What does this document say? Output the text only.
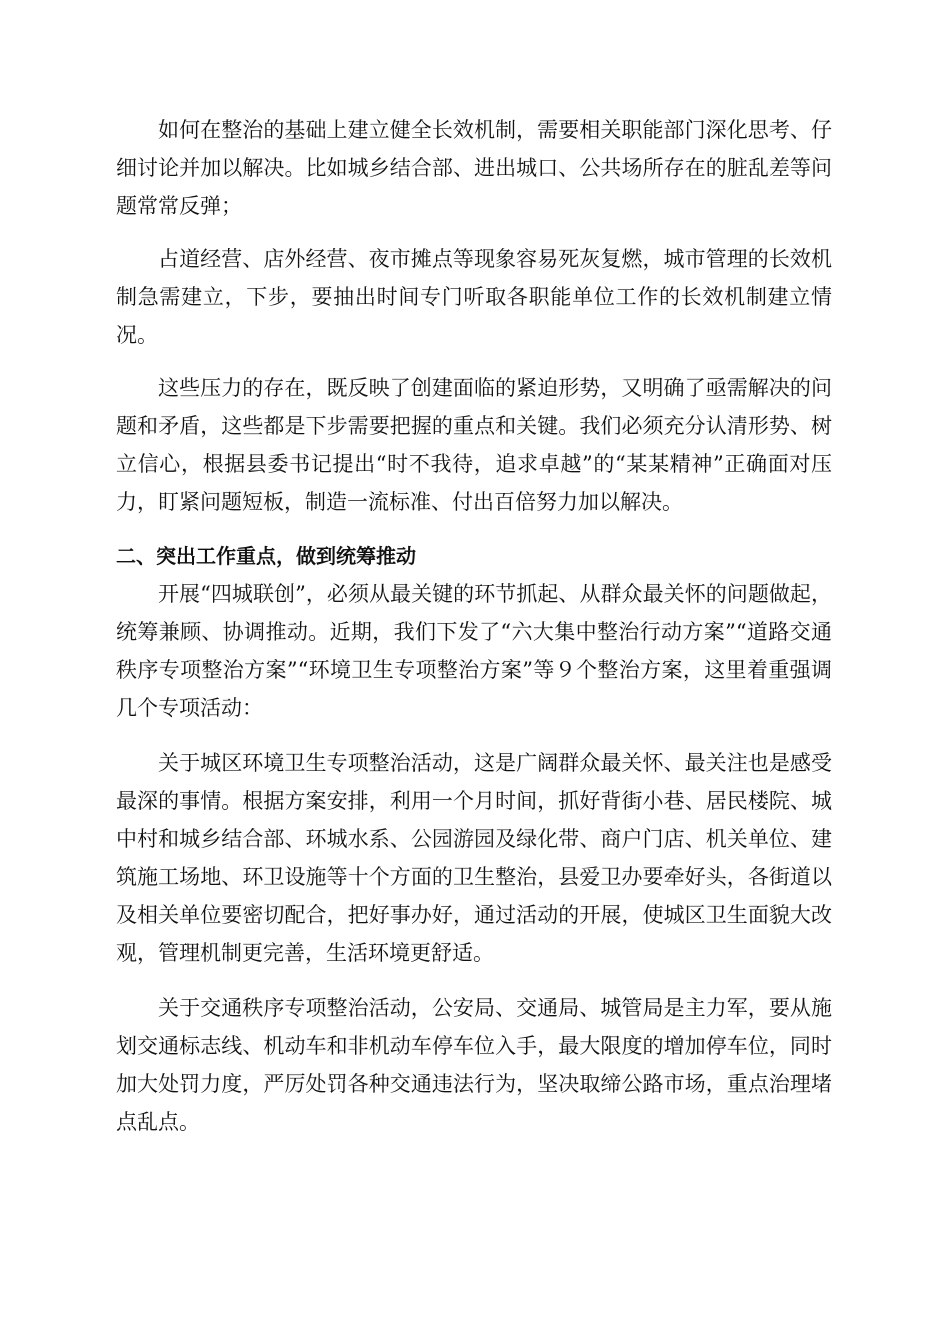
如何在整治的基础上建立健全长效机制，需要相关职能部门深化思考、仔细讨论并加以解决。比如城乡结合部、进出城口、公共场所存在的脏乱差等问题常常反弹；

占道经营、店外经营、夜市摊点等现象容易死灰复燃，城市管理的长效机制急需建立，下步，要抽出时间专门听取各职能单位工作的长效机制建立情况。

这些压力的存在，既反映了创建面临的紧迫形势，又明确了亟需解决的问题和矛盾，这些都是下步需要把握的重点和关键。我们必须充分认清形势、树立信心，根据县委书记提出“时不我待，追求卓越”的“某某精神”正确面对压力，盯紧问题短板，制造一流标准、付出百倍努力加以解决。

二、突出工作重点，做到统筹推动

开展“四城联创”，必须从最关键的环节抓起、从群众最关怀的问题做起，统筹兼顾、协调推动。近期，我们下发了“六大集中整治行动方案”“道路交通秩序专项整治方案”“环境卫生专项整治方案”等９个整治方案，这里着重强调几个专项活动：

关于城区环境卫生专项整治活动，这是广阔群众最关怀、最关注也是感受最深的事情。根据方案安排，利用一个月时间，抓好背街小巷、居民楼院、城中村和城乡结合部、环城水系、公园游园及绿化带、商户门店、机关单位、建筑施工场地、环卫设施等十个方面的卫生整治，县爱卫办要牵好头，各街道以及相关单位要密切配合，把好事办好，通过活动的开展，使城区卫生面貌大改观，管理机制更完善，生活环境更舒适。

关于交通秩序专项整治活动，公安局、交通局、城管局是主力军，要从施划交通标志线、机动车和非机动车停车位入手，最大限度的增加停车位，同时加大处罚力度，严厉处罚各种交通违法行为，坚决取缔公路市场，重点治理堵点乱点。
